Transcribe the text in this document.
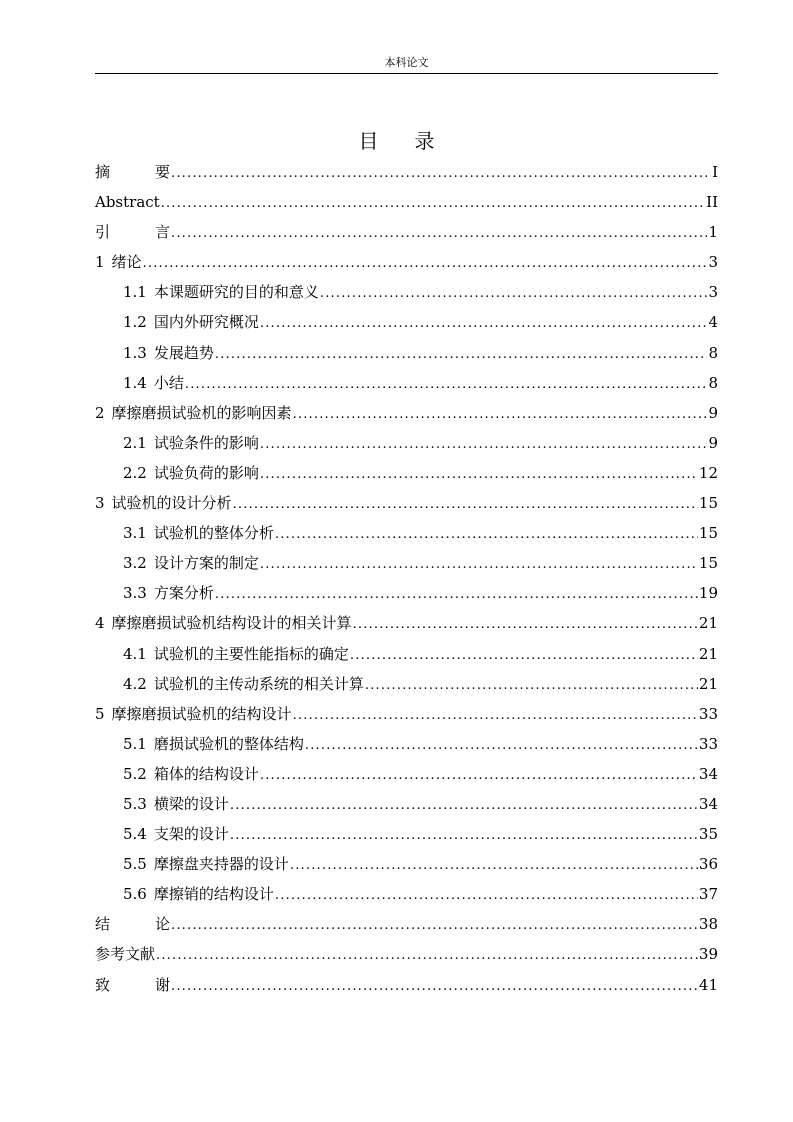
本科论文
目录
摘要 .....	I
Abstract .....	II
引言 .....	1
1 绪论 .....	3
1.1 本课题研究的目的和意义 .....	3
1.2 国内外研究概况 .....	4
1.3 发展趋势 .....	8
1.4 小结 .....	8
2 摩擦磨损试验机的影响因素 .....	9
2.1 试验条件的影响 .....	9
2.2 试验负荷的影响 .....	12
3 试验机的设计分析 .....	15
3.1 试验机的整体分析 .....	15
3.2 设计方案的制定 .....	15
3.3 方案分析 .....	19
4 摩擦磨损试验机结构设计的相关计算 .....	21
4.1 试验机的主要性能指标的确定 .....	21
4.2 试验机的主传动系统的相关计算 .....	21
5 摩擦磨损试验机的结构设计 .....	33
5.1 磨损试验机的整体结构 .....	33
5.2 箱体的结构设计 .....	34
5.3 横梁的设计 .....	34
5.4 支架的设计 .....	35
5.5 摩擦盘夹持器的设计 .....	36
5.6 摩擦销的结构设计 .....	37
结论 .....	38
参考文献 .....	39
致谢 .....	41
